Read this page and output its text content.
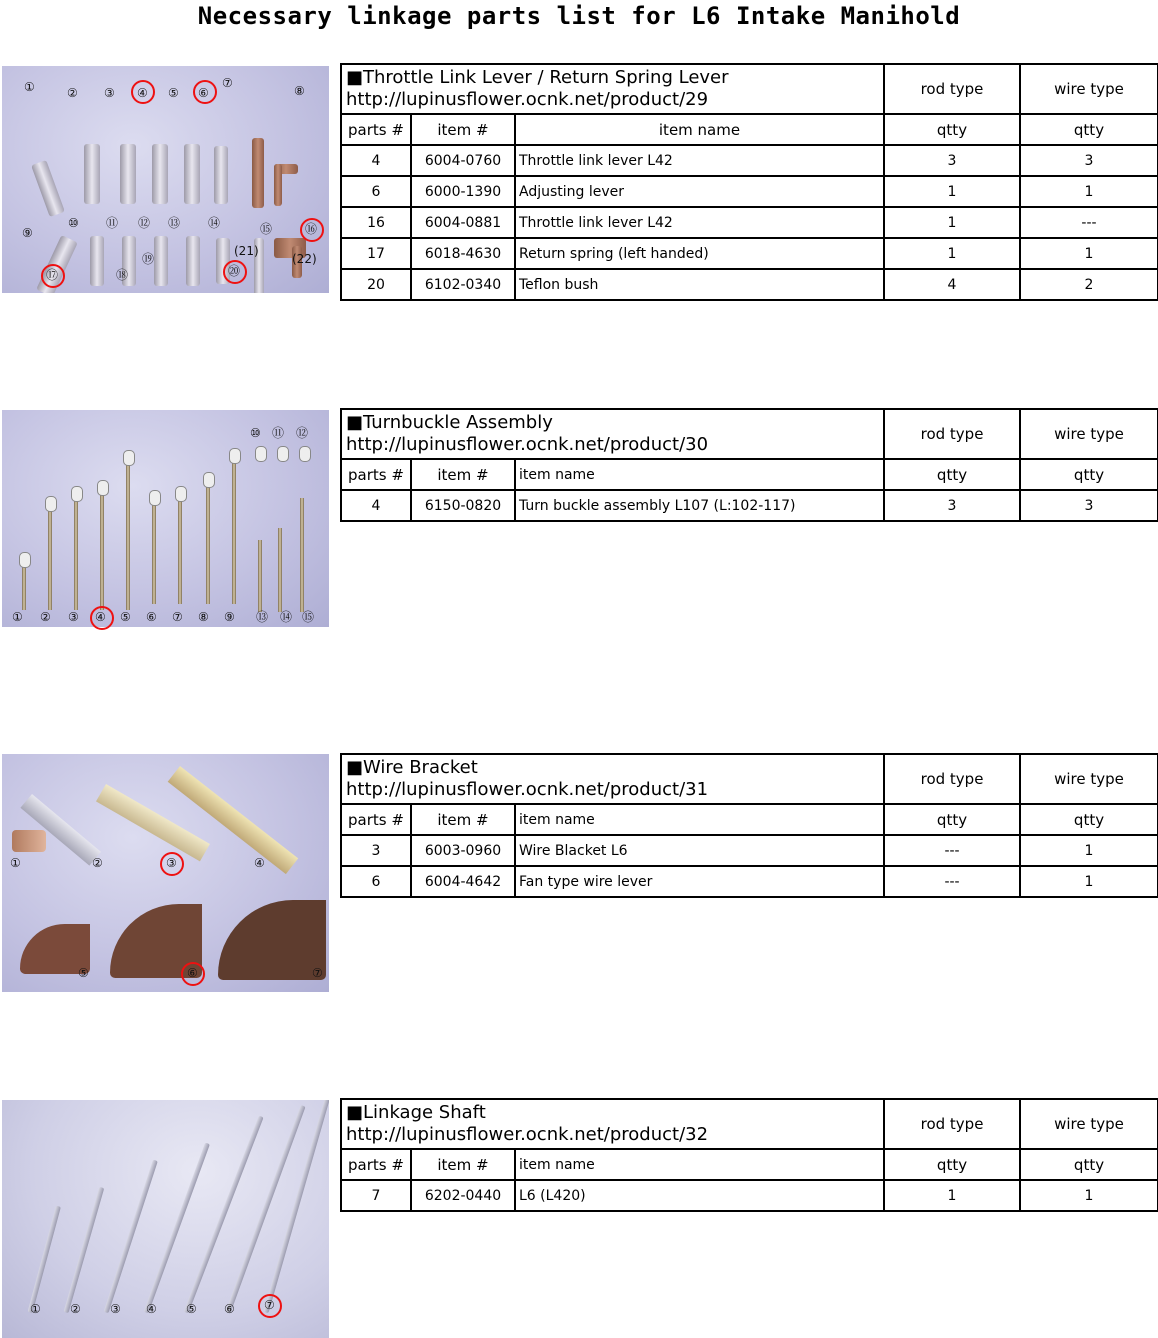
Necessary linkage parts list for L6 Intake Manihold
①	② ③ ④ ⑤ ⑥
⑦
⑧
⑨
⑩ ⑪ ⑫ ⑬ ⑭	⑮	⑯
⑰	⑱
⑲
⑳
(21)
(22)
■Throttle Link Lever / Return Spring Lever
http://lupinusflower.ocnk.net/product/29			rod type	wire type
parts #	item #	item name	qtty	qtty
4	6004-0760	Throttle link lever L42	3	3
6	6000-1390	Adjusting lever	1	1
16	6004-0881	Throttle link lever L42	1	---
17	6018-4630	Return spring (left handed)	1	1
20	6102-0340	Teflon bush	4	2
① ② ③ ④ ⑤ ⑥ ⑦ ⑧ ⑨
⑩ ⑪ ⑫
⑬ ⑭ ⑮
■Turnbuckle Assembly
http://lupinusflower.ocnk.net/product/30			rod type	wire type
parts #	item #	item name	qtty	qtty
4	6150-0820	Turn buckle assembly L107 (L:102-117)	3	3
①	②	③	④
⑤	⑥	⑦
■Wire Bracket
http://lupinusflower.ocnk.net/product/31			rod type	wire type
parts #	item #	item name	qtty	qtty
3	6003-0960	Wire Blacket L6	---	1
6	6004-4642	Fan type wire lever	---	1
① ② ③ ④ ⑤ ⑥ ⑦
■Linkage Shaft
http://lupinusflower.ocnk.net/product/32			rod type	wire type
parts #	item #	item name	qtty	qtty
7	6202-0440	L6 (L420)	1	1
